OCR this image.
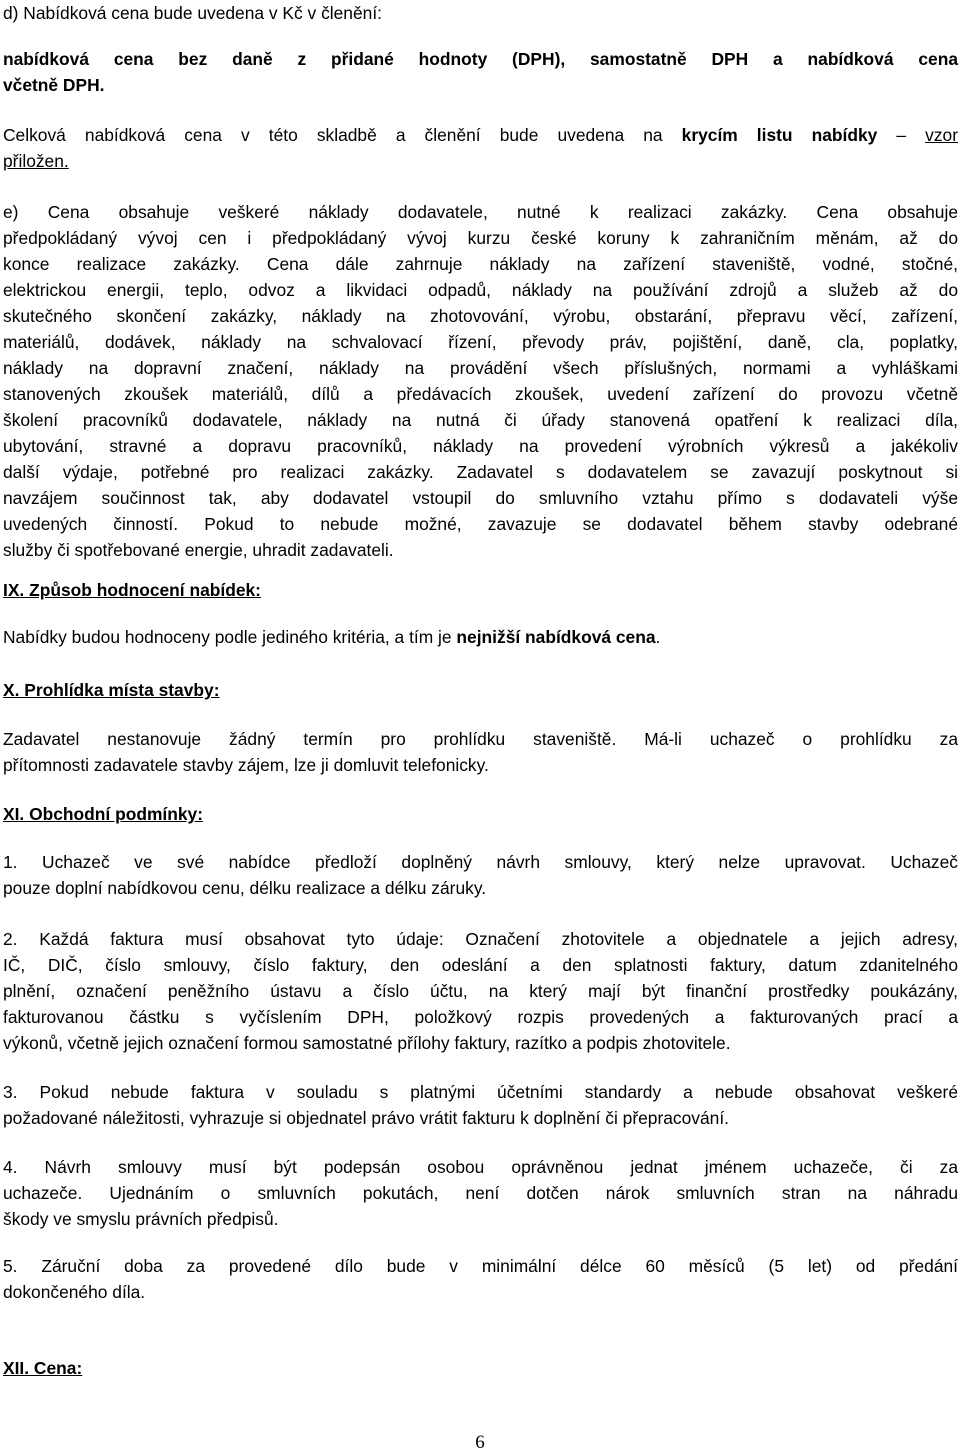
d) Nabídková cena bude uvedena v Kč v členění:

nabídková cena bez daně z přidané hodnoty (DPH), samostatně DPH a nabídková cena
včetně DPH.
Celková nabídková cena v této skladbě a členění bude uvedena na krycím listu nabídky – vzor
přiložen.
e) Cena obsahuje veškeré náklady dodavatele, nutné k realizaci zakázky. Cena obsahuje
předpokládaný vývoj cen i předpokládaný vývoj kurzu české koruny k zahraničním měnám, až do
konce realizace zakázky. Cena dále zahrnuje náklady na zařízení staveniště, vodné, stočné,
elektrickou energii, teplo, odvoz a likvidaci odpadů, náklady na používání zdrojů a služeb až do
skutečného skončení zakázky, náklady na zhotovování, výrobu, obstarání, přepravu věcí, zařízení,
materiálů, dodávek, náklady na schvalovací řízení, převody práv, pojištění, daně, cla, poplatky,
náklady na dopravní značení, náklady na provádění všech příslušných, normami a vyhláškami
stanovených zkoušek materiálů, dílů a předávacích zkoušek, uvedení zařízení do provozu včetně
školení pracovníků dodavatele, náklady na nutná či úřady stanovená opatření k realizaci díla,
ubytování, stravné a dopravu pracovníků, náklady na provedení výrobních výkresů a jakékoliv
další výdaje, potřebné pro realizaci zakázky. Zadavatel s dodavatelem se zavazují poskytnout si
navzájem součinnost tak, aby dodavatel vstoupil do smluvního vztahu přímo s dodavateli výše
uvedených činností. Pokud to nebude možné, zavazuje se dodavatel během stavby odebrané
služby či spotřebované energie, uhradit zadavateli.

IX. Způsob hodnocení nabídek:

Nabídky budou hodnoceny podle jediného kritéria, a tím je nejnižší nabídková cena.

X. Prohlídka místa stavby:

Zadavatel nestanovuje žádný termín pro prohlídku staveniště. Má-li uchazeč o prohlídku za
přítomnosti zadavatele stavby zájem, lze ji domluvit telefonicky.

XI. Obchodní podmínky:

1. Uchazeč ve své nabídce předloží doplněný návrh smlouvy, který nelze upravovat. Uchazeč
pouze doplní nabídkovou cenu, délku realizace a délku záruky.
2. Každá faktura musí obsahovat tyto údaje: Označení zhotovitele a objednatele a jejich adresy,
IČ, DIČ, číslo smlouvy, číslo faktury, den odeslání a den splatnosti faktury, datum zdanitelného
plnění, označení peněžního ústavu a číslo účtu, na který mají být finanční prostředky poukázány,
fakturovanou částku s vyčíslením DPH, položkový rozpis provedených a fakturovaných prací a
výkonů, včetně jejich označení formou samostatné přílohy faktury, razítko a podpis zhotovitele.
3. Pokud nebude faktura v souladu s platnými účetními standardy a nebude obsahovat veškeré
požadované náležitosti, vyhrazuje si objednatel právo vrátit fakturu k doplnění či přepracování.
4. Návrh smlouvy musí být podepsán osobou oprávněnou jednat jménem uchazeče, či za
uchazeče. Ujednáním o smluvních pokutách, není dotčen nárok smluvních stran na náhradu
škody ve smyslu právních předpisů.
5. Záruční doba za provedené dílo bude v minimální délce 60 měsíců (5 let) od předání
dokončeného díla.

XII. Cena:

6
